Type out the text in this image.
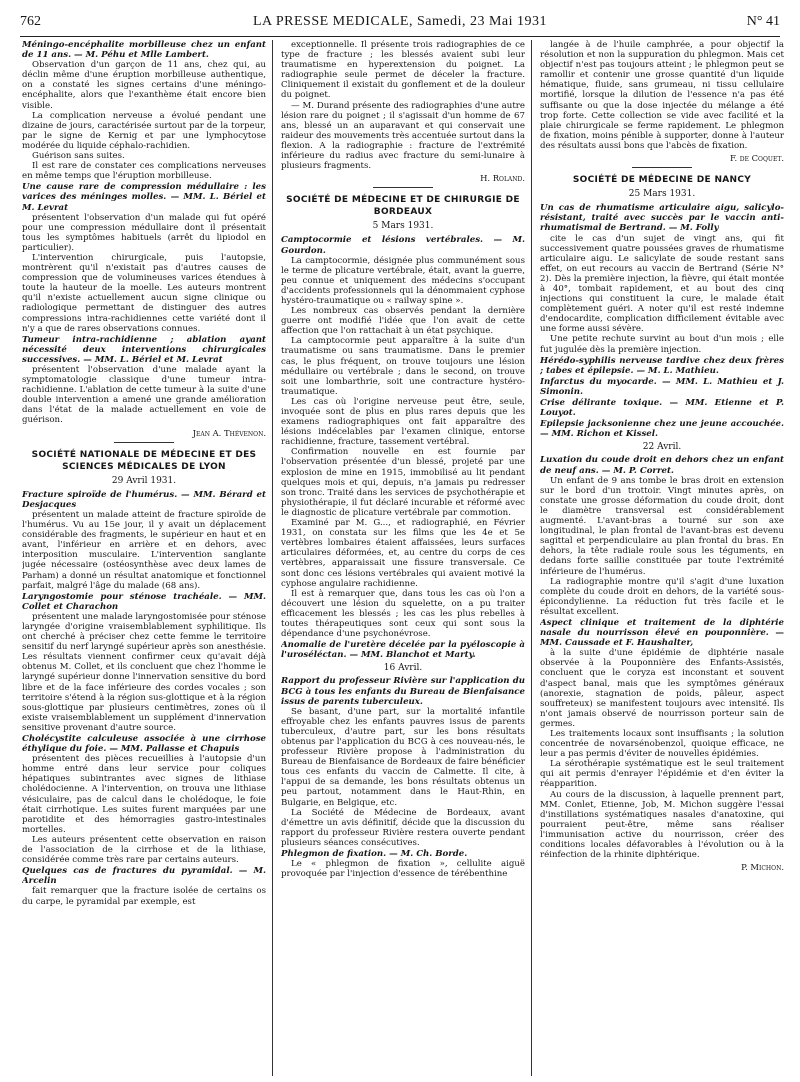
762	LA PRESSE MEDICALE, Samedi, 23 Mai 1931	N° 41
Méningo-encéphalite morbilleuse chez un enfant de 11 ans. — M. Péhu et Mlle Lambert.

Observation d'un garçon de 11 ans, chez qui, au déclin même d'une éruption morbilleuse authentique, on a constaté les signes certains d'une méningo-encéphalite, alors que l'exanthème était encore bien visible.

La complication nerveuse a évolué pendant une dizaine de jours, caractérisée surtout par de la torpeur, par le signe de Kernig et par une lymphocytose modérée du liquide céphalo-rachidien.

Guérison sans suites.

Il est rare de constater ces complications nerveuses en même temps que l'éruption morbilleuse.

Une cause rare de compression médullaire : les varices des méninges molles. — MM. L. Bériel et M. Levrat

présentent l'observation d'un malade qui fut opéré pour une compression médullaire dont il présentait tous les symptômes habituels (arrêt du lipiodol en particulier).

L'intervention chirurgicale, puis l'autopsie, montrèrent qu'il n'existait pas d'autres causes de compression que de volumineuses varices étendues à toute la hauteur de la moelle. Les auteurs montrent qu'il n'existe actuellement aucun signe clinique ou radiologique permettant de distinguer des autres compressions intra-rachidiennes cette variété dont il n'y a que de rares observations connues.

Tumeur intra-rachidienne ; ablation ayant nécessité deux interventions chirurgicales successives. — MM. L. Bériel et M. Levrat

présentent l'observation d'une malade ayant la symptomatologie classique d'une tumeur intra-rachidienne. L'ablation de cette tumeur à la suite d'une double intervention a amené une grande amélioration dans l'état de la malade actuellement en voie de guérison.

Jean A. Thévenon.
SOCIÉTÉ NATIONALE DE MÉDECINE ET DES SCIENCES MÉDICALES DE LYON
29 Avril 1931.
Fracture spiroïde de l'humérus. — MM. Bérard et Desjacques

présentent un malade atteint de fracture spiroïde de l'humérus. Vu au 15e jour, il y avait un déplacement considérable des fragments, le supérieur en haut et en avant, l'inférieur en arrière et en dehors, avec interposition musculaire. L'intervention sanglante jugée nécessaire (ostéosynthèse avec deux lames de Parham) a donné un résultat anatomique et fonctionnel parfait, malgré l'âge du malade (68 ans).

Laryngostomie pour sténose trachéale. — MM. Collet et Charachon

présentent une malade laryngostomisée pour sténose laryngée d'origine vraisemblablement syphilitique. Ils ont cherché à préciser chez cette femme le territoire sensitif du nerf laryngé supérieur après son anesthésie. Les résultats viennent confirmer ceux qu'avait déjà obtenus M. Collet, et ils concluent que chez l'homme le laryngé supérieur donne l'innervation sensitive du bord libre et de la face inférieure des cordes vocales ; son territoire s'étend à la région sus-glottique et à la région sous-glottique par plusieurs centimètres, zones où il existe vraisemblablement un supplément d'innervation sensitive provenant d'autre source.

Cholécystite calculeuse associée à une cirrhose éthylique du foie. — MM. Pallasse et Chapuis

présentent des pièces recueillies à l'autopsie d'un homme entré dans leur service pour coliques hépatiques subintrantes avec signes de lithiase cholédocienne. A l'intervention, on trouva une lithiase vésiculaire, pas de calcul dans le cholédoque, le foie était cirrhotique. Les suites furent marquées par une parotidite et des hémorragies gastro-intestinales mortelles.

Les auteurs présentent cette observation en raison de l'association de la cirrhose et de la lithiase, considérée comme très rare par certains auteurs.

Quelques cas de fractures du pyramidal. — M. Arcelin

fait remarquer que la fracture isolée de certains os du carpe, le pyramidal par exemple, est

exceptionnelle. Il présente trois radiographies de ce type de fracture ; les blessés avaient subi leur traumatisme en hyperextension du poignet. La radiographie seule permet de déceler la fracture. Cliniquement il existait du gonflement et de la douleur du poignet.

— M. Durand présente des radiographies d'une autre lésion rare du poignet ; il s'agissait d'un homme de 67 ans, blessé un an auparavant et qui conservait une raideur des mouvements très accentuée surtout dans la flexion. A la radiographie : fracture de l'extrémité inférieure du radius avec fracture du semi-lunaire à plusieurs fragments.

H. Roland.
SOCIÉTÉ DE MÉDECINE ET DE CHIRURGIE DE BORDEAUX
5 Mars 1931.
Camptocormie et lésions vertébrales. — M. Gourdon.

La camptocormie, désignée plus communément sous le terme de plicature vertébrale, était, avant la guerre, peu connue et uniquement des médecins s'occupant d'accidents professionnels qui la dénommaient cyphose hystéro-traumatique ou « railway spine ».

Les nombreux cas observés pendant la dernière guerre ont modifié l'idée que l'on avait de cette affection que l'on rattachait à un état psychique.

La camptocormie peut apparaître à la suite d'un traumatisme ou sans traumatisme. Dans le premier cas, le plus fréquent, on trouve toujours une lésion médullaire ou vertébrale ; dans le second, on trouve soit une lombarthrie, soit une contracture hystéro-traumatique.

Les cas où l'origine nerveuse peut être, seule, invoquée sont de plus en plus rares depuis que les examens radiographiques ont fait apparaître des lésions indécelables par l'examen clinique, entorse rachidienne, fracture, tassement vertébral.

Confirmation nouvelle en est fournie par l'observation présentée d'un blessé, projeté par une explosion de mine en 1915, immobilisé au lit pendant quelques mois et qui, depuis, n'a jamais pu redresser son tronc. Traité dans les services de psychothérapie et physiothérapie, il fut déclaré incurable et réformé avec le diagnostic de plicature vertébrale par commotion.

Examiné par M. G..., et radiographié, en Février 1931, on constata sur les films que les 4e et 5e vertèbres lombaires étaient affaissées, leurs surfaces articulaires déformées, et, au centre du corps de ces vertèbres, apparaissait une fissure transversale. Ce sont donc ces lésions vertébrales qui avaient motivé la cyphose angulaire rachidienne.

Il est à remarquer que, dans tous les cas où l'on a découvert une lésion du squelette, on a pu traiter efficacement les blessés ; les cas les plus rebelles à toutes thérapeutiques sont ceux qui sont sous la dépendance d'une psychonévrose.

Anomalie de l'uretère décelée par la pyéloscopie à l'uroséléctan. — MM. Blanchot et Marty.
16 Avril.
Rapport du professeur Rivière sur l'application du BCG à tous les enfants du Bureau de Bienfaisance issus de parents tuberculeux.

Se basant, d'une part, sur la mortalité infantile effroyable chez les enfants pauvres issus de parents tuberculeux, d'autre part, sur les bons résultats obtenus par l'application du BCG à ces nouveau-nés, le professeur Rivière propose à l'administration du Bureau de Bienfaisance de Bordeaux de faire bénéficier tous ces enfants du vaccin de Calmette. Il cite, à l'appui de sa demande, les bons résultats obtenus un peu partout, notamment dans le Haut-Rhin, en Bulgarie, en Belgique, etc.

La Société de Médecine de Bordeaux, avant d'émettre un avis définitif, décide que la discussion du rapport du professeur Rivière restera ouverte pendant plusieurs séances consécutives.

Phlegmon de fixation. — M. Ch. Borde.

Le « phlegmon de fixation », cellulite aiguë provoquée par l'injection d'essence de térébenthine

langée à de l'huile camphrée, a pour objectif la résolution et non la suppuration du phlegmon. Mais cet objectif n'est pas toujours atteint ; le phlegmon peut se ramollir et contenir une grosse quantité d'un liquide hématique, fluide, sans grumeau, ni tissu cellulaire mortifié, lorsque la dilution de l'essence n'a pas été suffisante ou que la dose injectée du mélange a été trop forte. Cette collection se vide avec facilité et la plaie chirurgicale se ferme rapidement. Le phlegmon de fixation, moins pénible à supporter, donne à l'auteur des résultats aussi bons que l'abcès de fixation.

F. de Coquet.
SOCIÉTÉ DE MÉDECINE DE NANCY
25 Mars 1931.
Un cas de rhumatisme articulaire aigu, salicylo-résistant, traité avec succès par le vaccin anti-rhumatismal de Bertrand. — M. Folly

cite le cas d'un sujet de vingt ans, qui fit successivement quatre poussées graves de rhumatisme articulaire aigu. Le salicylate de soude restant sans effet, on eut recours au vaccin de Bertrand (Série N° 2). Dès la première injection, la fièvre, qui était montée à 40°, tombait rapidement, et au bout des cinq injections qui constituent la cure, le malade était complètement guéri. A noter qu'il est resté indemne d'endocardite, complication difficilement évitable avec une forme aussi sévère.

Une petite rechute survint au bout d'un mois ; elle fut jugulée dès la première injection.

Hérédo-syphilis nerveuse tardive chez deux frères ; tabes et épilepsie. — M. L. Mathieu.
Infarctus du myocarde. — MM. L. Mathieu et J. Simonin.
Crise délirante toxique. — MM. Etienne et P. Louyot.
Epilepsie jacksonienne chez une jeune accouchée. — MM. Richon et Kissel.
22 Avril.
Luxation du coude droit en dehors chez un enfant de neuf ans. — M. P. Corret.

Un enfant de 9 ans tombe le bras droit en extension sur le bord d'un trottoir. Vingt minutes après, on constate une grosse déformation du coude droit, dont le diamètre transversal est considérablement augmenté. L'avant-bras a tourné sur son axe longitudinal, le plan frontal de l'avant-bras est devenu sagittal et perpendiculaire au plan frontal du bras. En dehors, la tête radiale roule sous les téguments, en dedans forte saillie constituée par toute l'extrémité inférieure de l'humérus.

La radiographie montre qu'il s'agit d'une luxation complète du coude droit en dehors, de la variété sous-épicondylienne. La réduction fut très facile et le résultat excellent.

Aspect clinique et traitement de la diphtérie nasale du nourrisson élevé en pouponnière. — MM. Caussade et F. Haushalter,

à la suite d'une épidémie de diphtérie nasale observée à la Pouponnière des Enfants-Assistés, concluent que le coryza est inconstant et souvent d'aspect banal, mais que les symptômes généraux (anorexie, stagnation de poids, pâleur, aspect souffreteux) se manifestent toujours avec intensité. Ils n'ont jamais observé de nourrisson porteur sain de germes.

Les traitements locaux sont insuffisants ; la solution concentrée de novarsénobenzol, quoique efficace, ne leur a pas permis d'éviter de nouvelles épidémies.

La sérothérapie systématique est le seul traitement qui ait permis d'enrayer l'épidémie et d'en éviter la réapparition.

Au cours de la discussion, à laquelle prennent part, MM. Conlet, Etienne, Job, M. Michon suggère l'essai d'instillations systématiques nasales d'anatoxine, qui pourraient peut-être, même sans réaliser l'immunisation active du nourrisson, créer des conditions locales défavorables à l'évolution ou à la réinfection de la rhinite diphtérique.

P. Michon.
